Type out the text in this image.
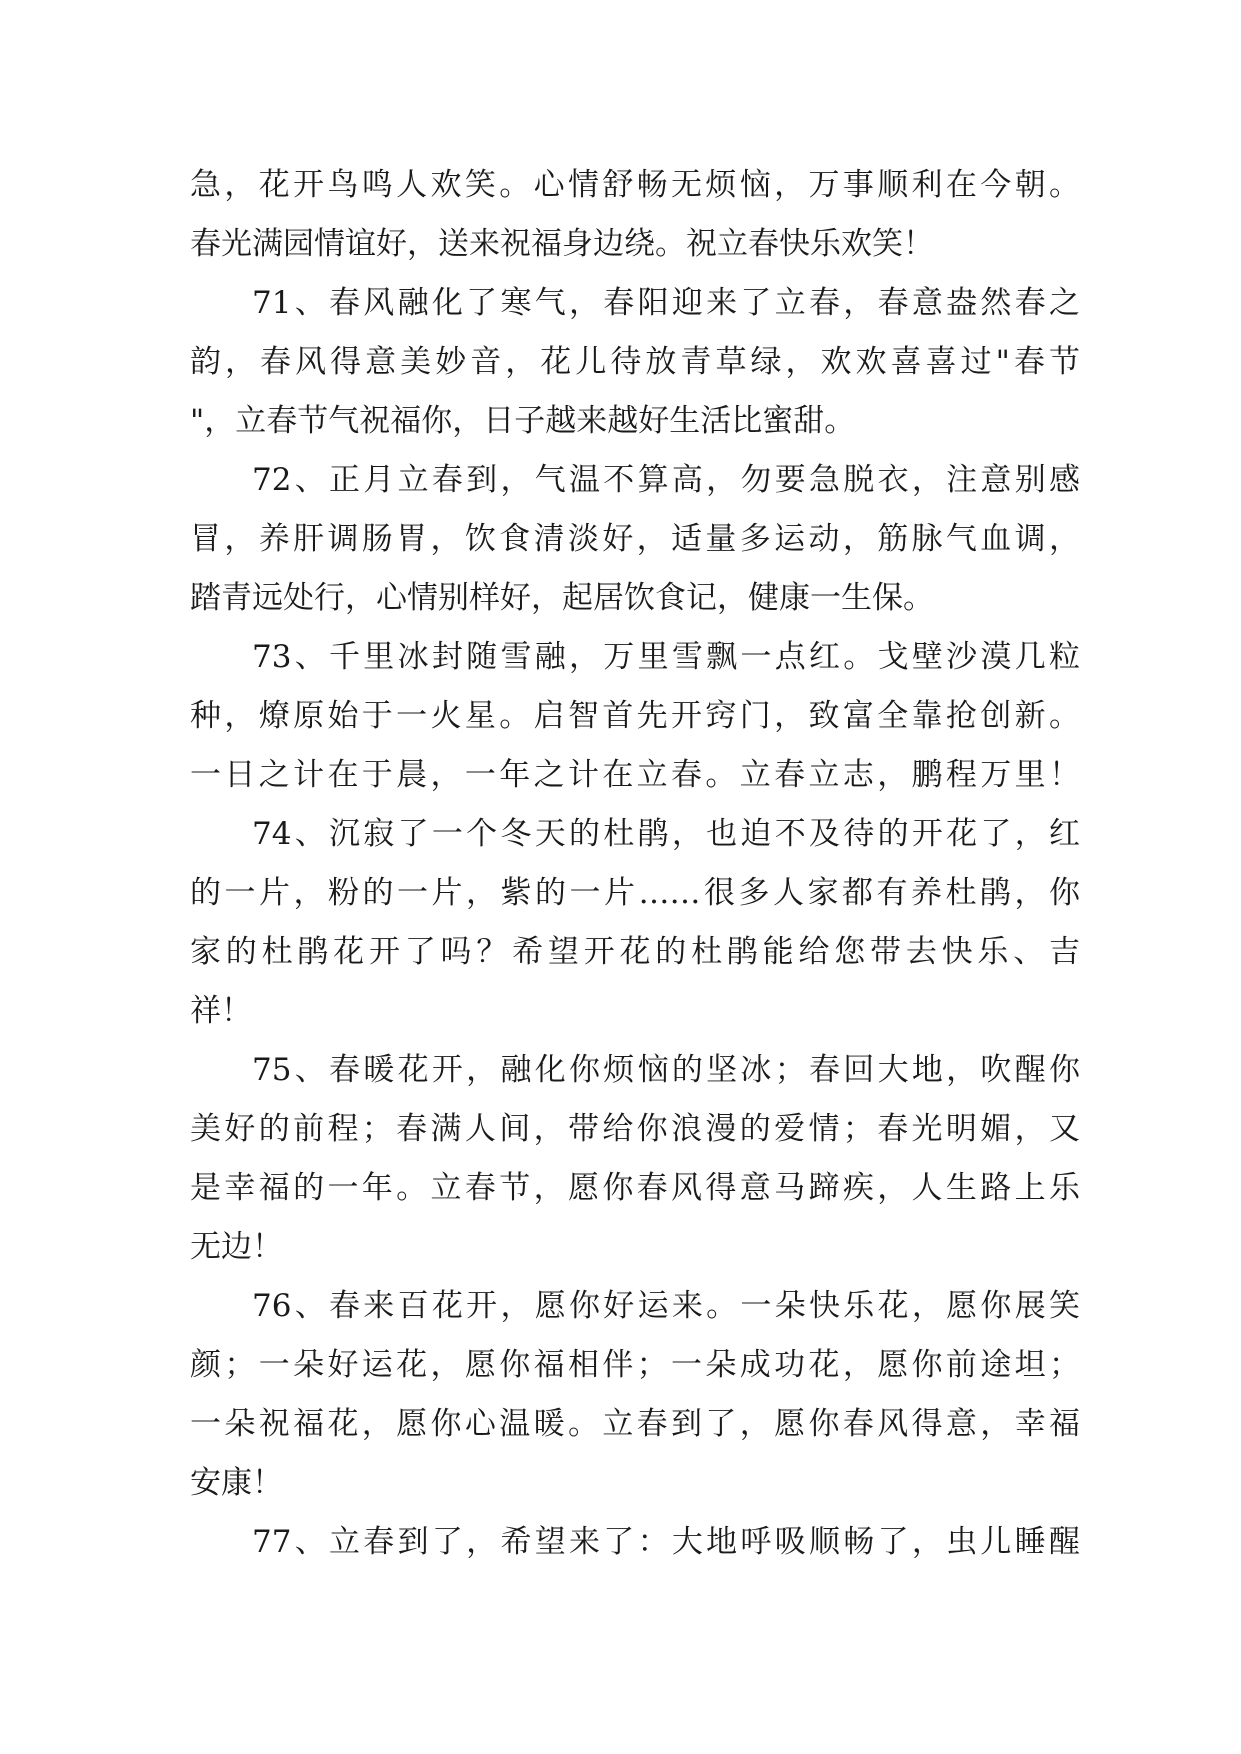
急，花开鸟鸣人欢笑。心情舒畅无烦恼，万事顺利在今朝。
春光满园情谊好，送来祝福身边绕。祝立春快乐欢笑！
71、春风融化了寒气，春阳迎来了立春，春意盎然春之
韵，春风得意美妙音，花儿待放青草绿，欢欢喜喜过"春节
"，立春节气祝福你，日子越来越好生活比蜜甜。
72、正月立春到，气温不算高，勿要急脱衣，注意别感
冒，养肝调肠胃，饮食清淡好，适量多运动，筋脉气血调，
踏青远处行，心情别样好，起居饮食记，健康一生保。
73、千里冰封随雪融，万里雪飘一点红。戈壁沙漠几粒
种，燎原始于一火星。启智首先开窍门，致富全靠抢创新。
一日之计在于晨，一年之计在立春。立春立志，鹏程万里！
74、沉寂了一个冬天的杜鹃，也迫不及待的开花了，红
的一片，粉的一片，紫的一片……很多人家都有养杜鹃，你
家的杜鹃花开了吗？希望开花的杜鹃能给您带去快乐、吉
祥！
75、春暖花开，融化你烦恼的坚冰；春回大地，吹醒你
美好的前程；春满人间，带给你浪漫的爱情；春光明媚，又
是幸福的一年。立春节，愿你春风得意马蹄疾，人生路上乐
无边！
76、春来百花开，愿你好运来。一朵快乐花，愿你展笑
颜；一朵好运花，愿你福相伴；一朵成功花，愿你前途坦；
一朵祝福花，愿你心温暖。立春到了，愿你春风得意，幸福
安康！
77、立春到了，希望来了：大地呼吸顺畅了，虫儿睡醒
